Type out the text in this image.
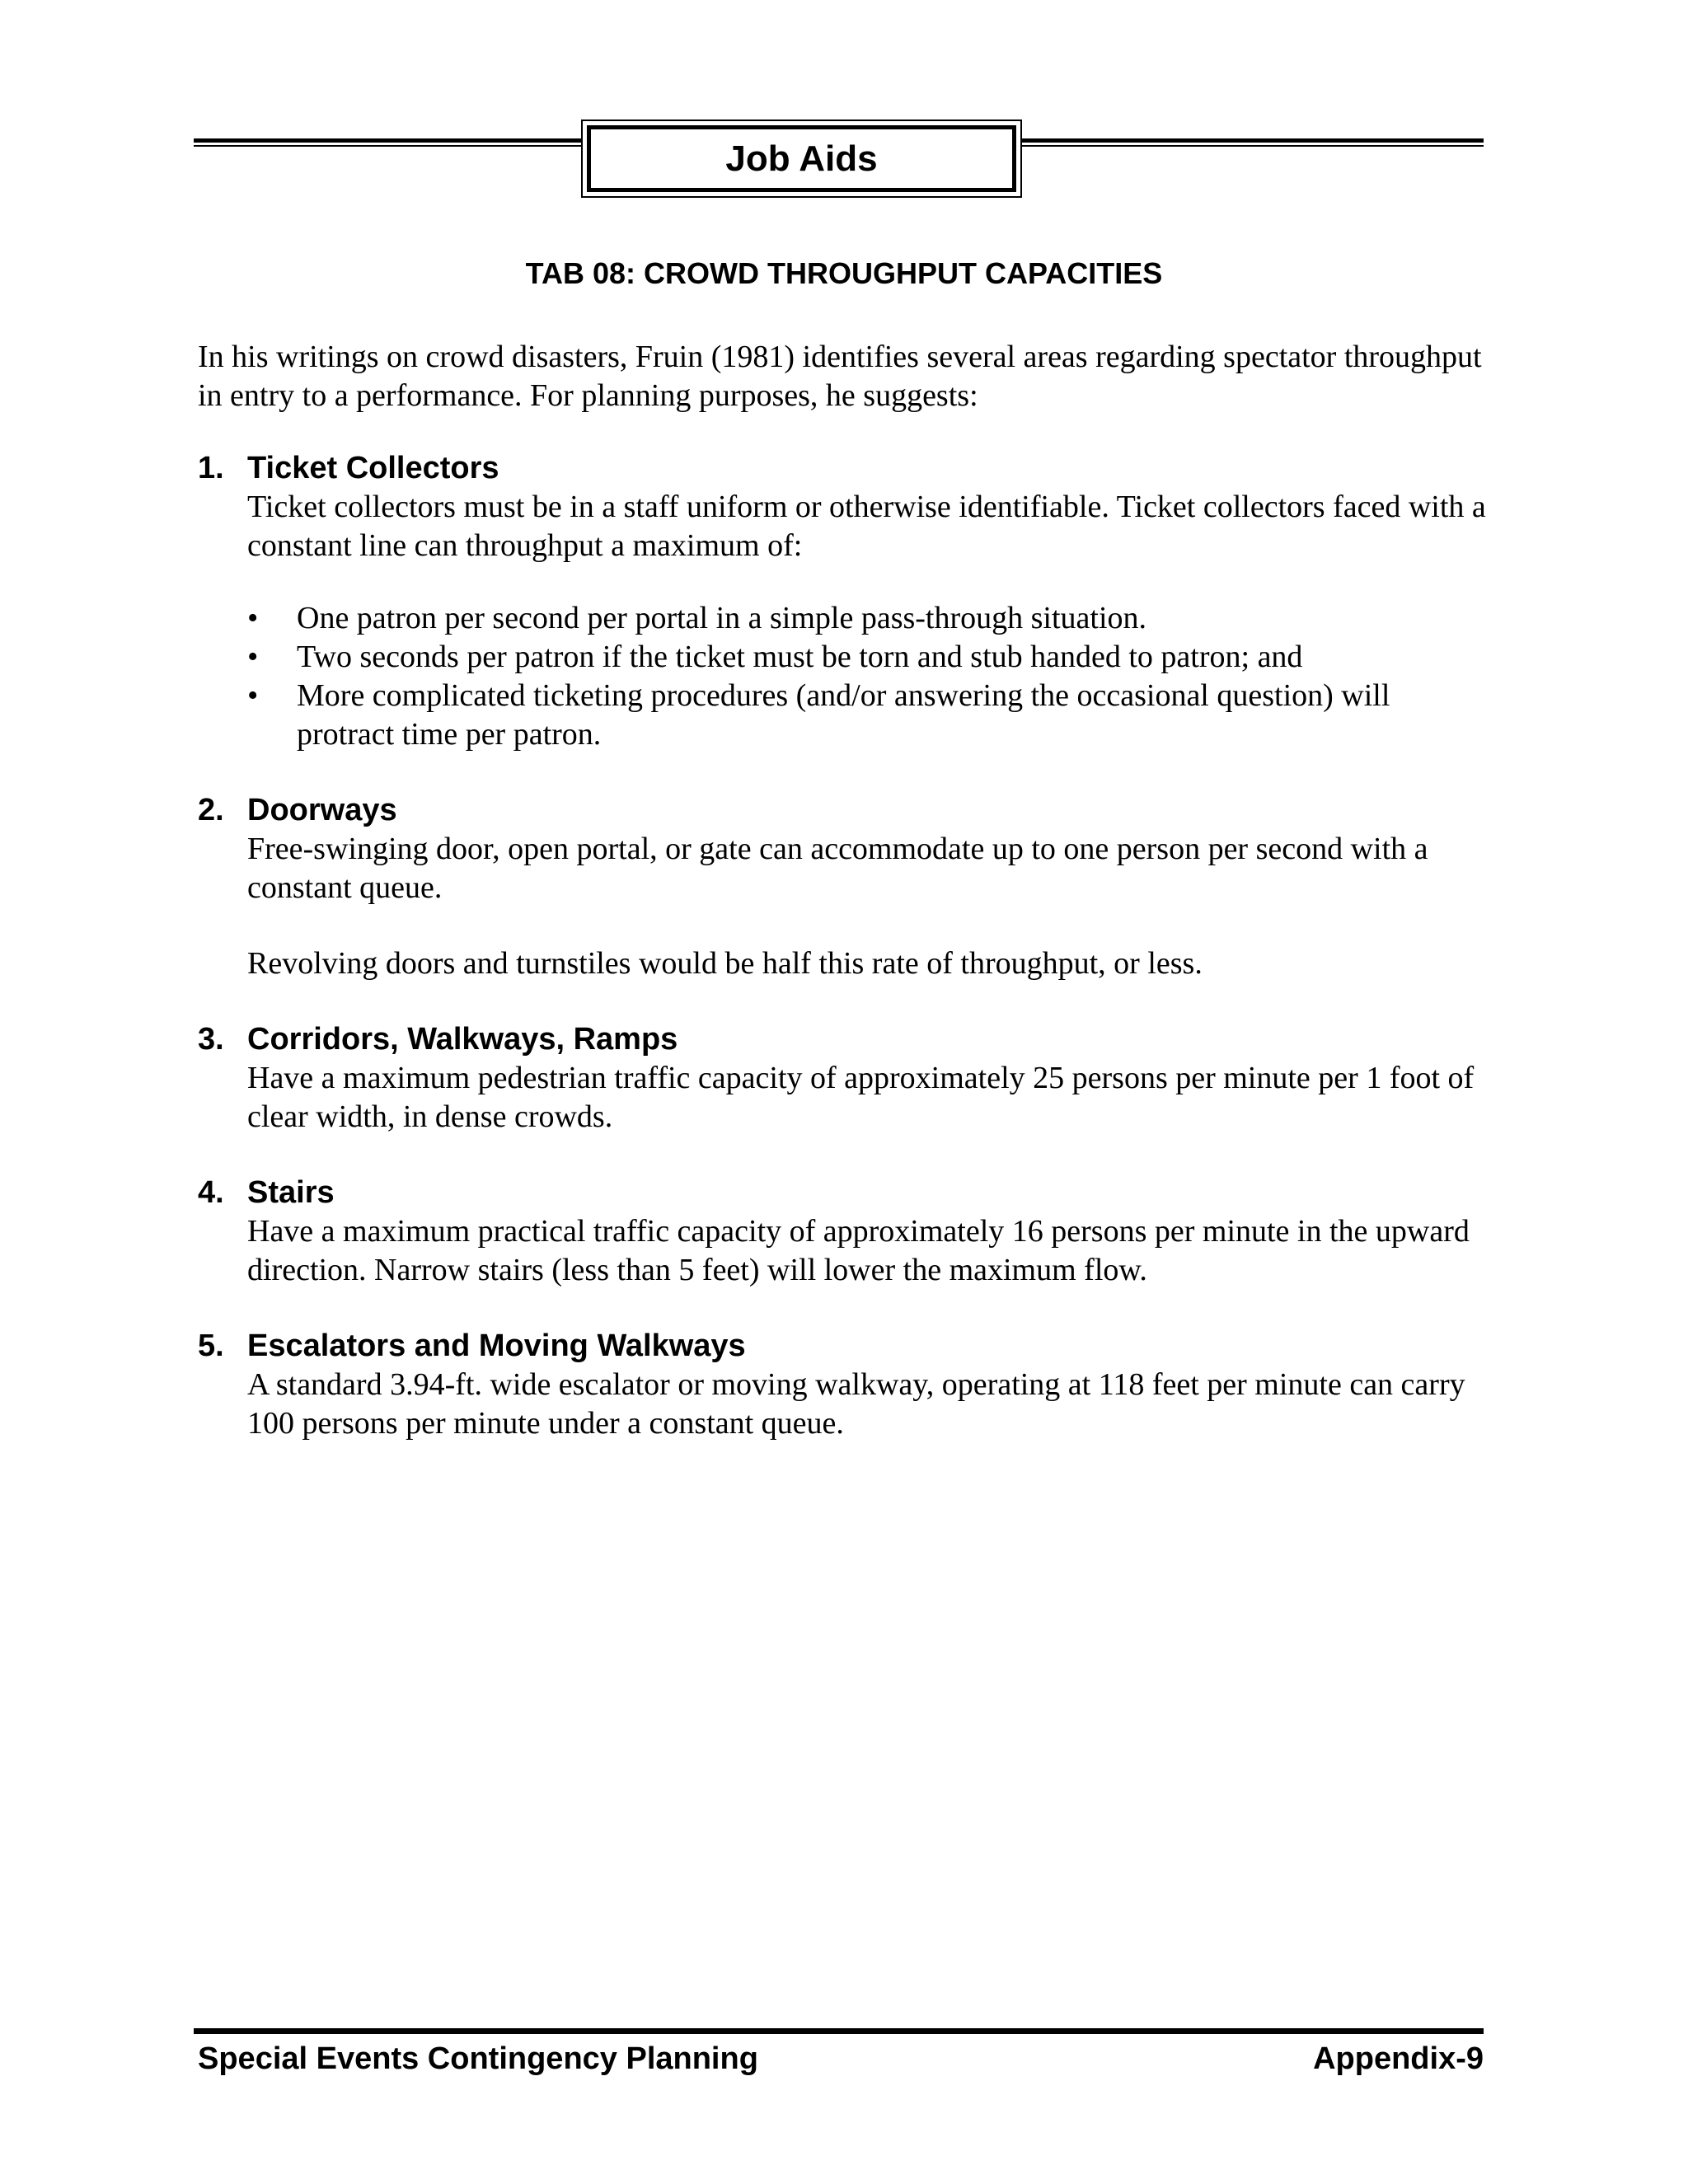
Job Aids
TAB 08: CROWD THROUGHPUT CAPACITIES

In his writings on crowd disasters, Fruin (1981) identifies several areas regarding spectator throughput in entry to a performance. For planning purposes, he suggests:

1. Ticket Collectors

Ticket collectors must be in a staff uniform or otherwise identifiable. Ticket collectors faced with a constant line can throughput a maximum of:

•	One patron per second per portal in a simple pass-through situation.
•	Two seconds per patron if the ticket must be torn and stub handed to patron; and
•	More complicated ticketing procedures (and/or answering the occasional question) will protract time per patron.
2. Doorways

Free-swinging door, open portal, or gate can accommodate up to one person per second with a constant queue.

Revolving doors and turnstiles would be half this rate of throughput, or less.

3. Corridors, Walkways, Ramps

Have a maximum pedestrian traffic capacity of approximately 25 persons per minute per 1 foot of clear width, in dense crowds.

4. Stairs

Have a maximum practical traffic capacity of approximately 16 persons per minute in the upward direction. Narrow stairs (less than 5 feet) will lower the maximum flow.

5. Escalators and Moving Walkways

A standard 3.94-ft. wide escalator or moving walkway, operating at 118 feet per minute can carry 100 persons per minute under a constant queue.

Special Events Contingency Planning	Appendix-9
